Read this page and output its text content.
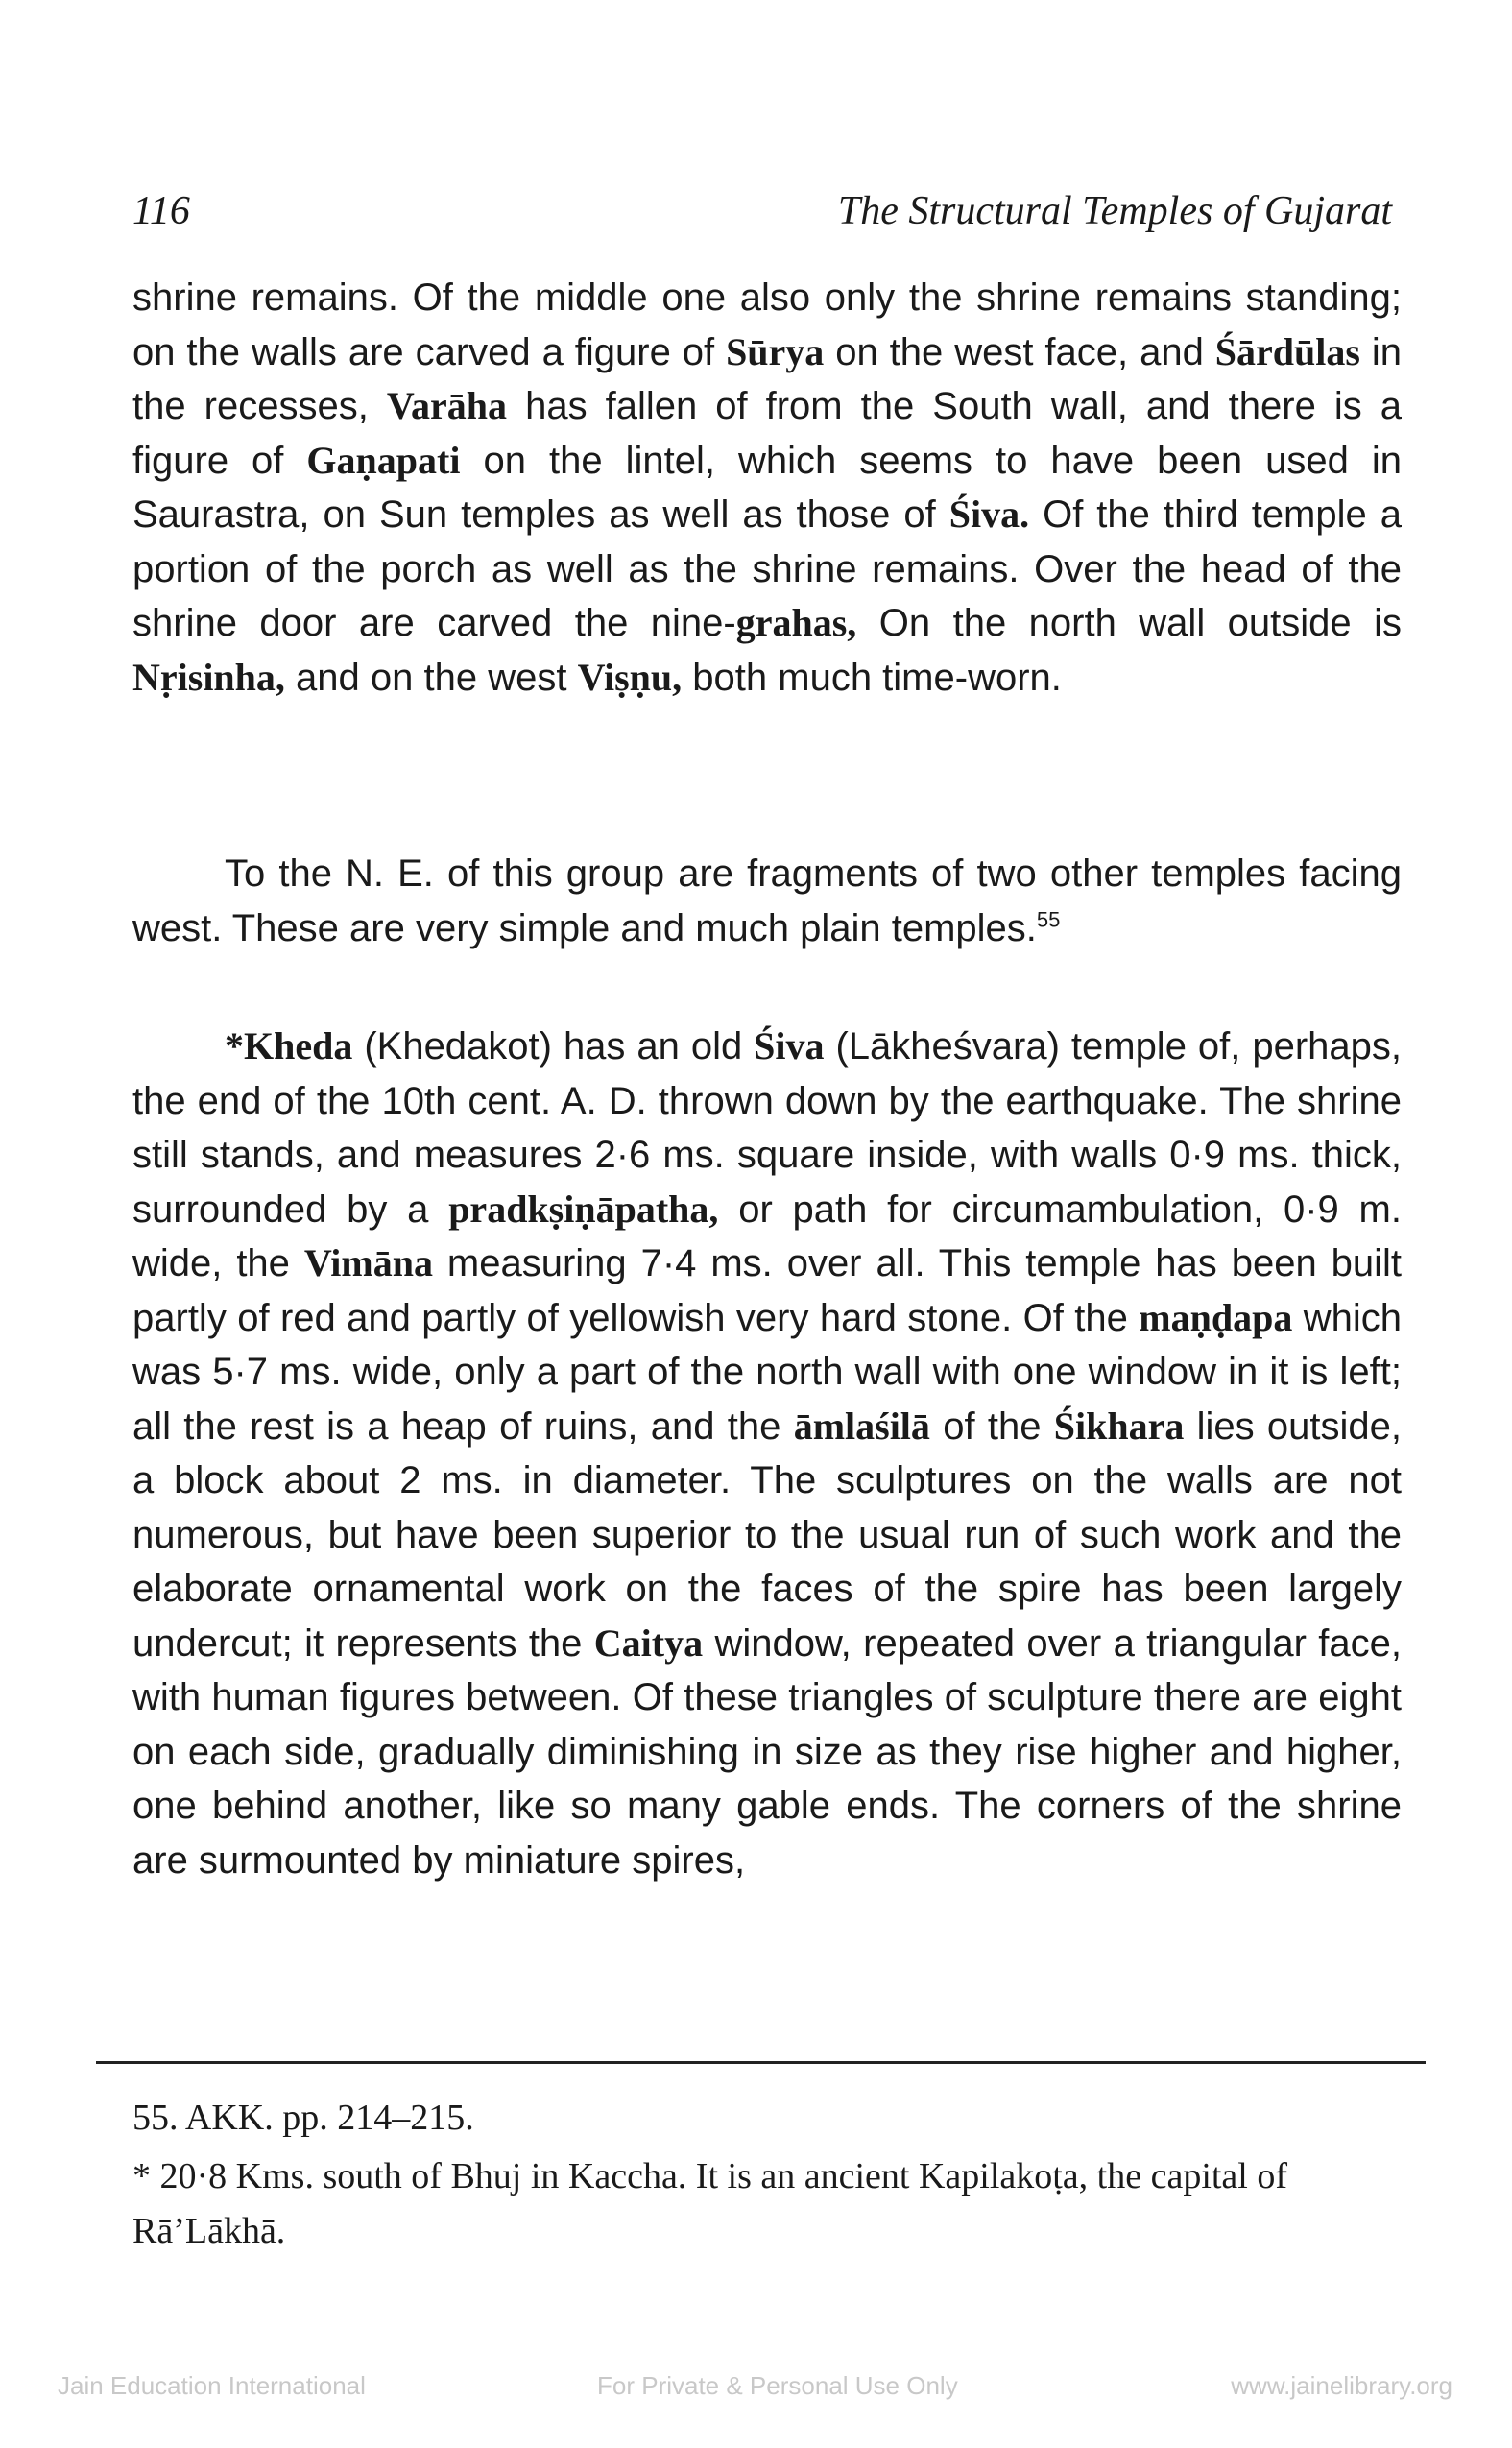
116	The Structural Temples of Gujarat

shrine remains. Of the middle one also only the shrine remains standing; on the walls are carved a figure of Sūrya on the west face, and Śārdūlas in the recesses, Varāha has fallen of from the South wall, and there is a figure of Gaṇapati on the lintel, which seems to have been used in Saurastra, on Sun temples as well as those of Śiva. Of the third temple a portion of the porch as well as the shrine remains. Over the head of the shrine door are carved the nine-grahas, On the north wall outside is Nṛisinha, and on the west Viṣṇu, both much time-worn.

To the N. E. of this group are fragments of two other temples facing west. These are very simple and much plain temples.$^{55}$

*Kheda (Khedakot) has an old Śiva (Lākheśvara) temple of, perhaps, the end of the 10th cent. A. D. thrown down by the earthquake. The shrine still stands, and measures 2·6 ms. square inside, with walls 0·9 ms. thick, surrounded by a pradkṣiṇāpatha, or path for circumambulation, 0·9 m. wide, the Vimāna measuring 7·4 ms. over all. This temple has been built partly of red and partly of yellowish very hard stone. Of the maṇḍapa which was 5·7 ms. wide, only a part of the north wall with one window in it is left; all the rest is a heap of ruins, and the āmlaśilā of the Śikhara lies outside, a block about 2 ms. in diameter. The sculptures on the walls are not numerous, but have been superior to the usual run of such work and the elaborate ornamental work on the faces of the spire has been largely undercut; it represents the Caitya window, repeated over a triangular face, with human figures between. Of these triangles of sculpture there are eight on each side, gradually diminishing in size as they rise higher and higher, one behind another, like so many gable ends. The corners of the shrine are surmounted by miniature spires,

55. AKK. pp. 214–215.

* 20·8 Kms. south of Bhuj in Kaccha. It is an ancient Kapilakoṭa, the capital of Rā’Lākhā.

Jain Education International	For Private & Personal Use Only	www.jainelibrary.org
